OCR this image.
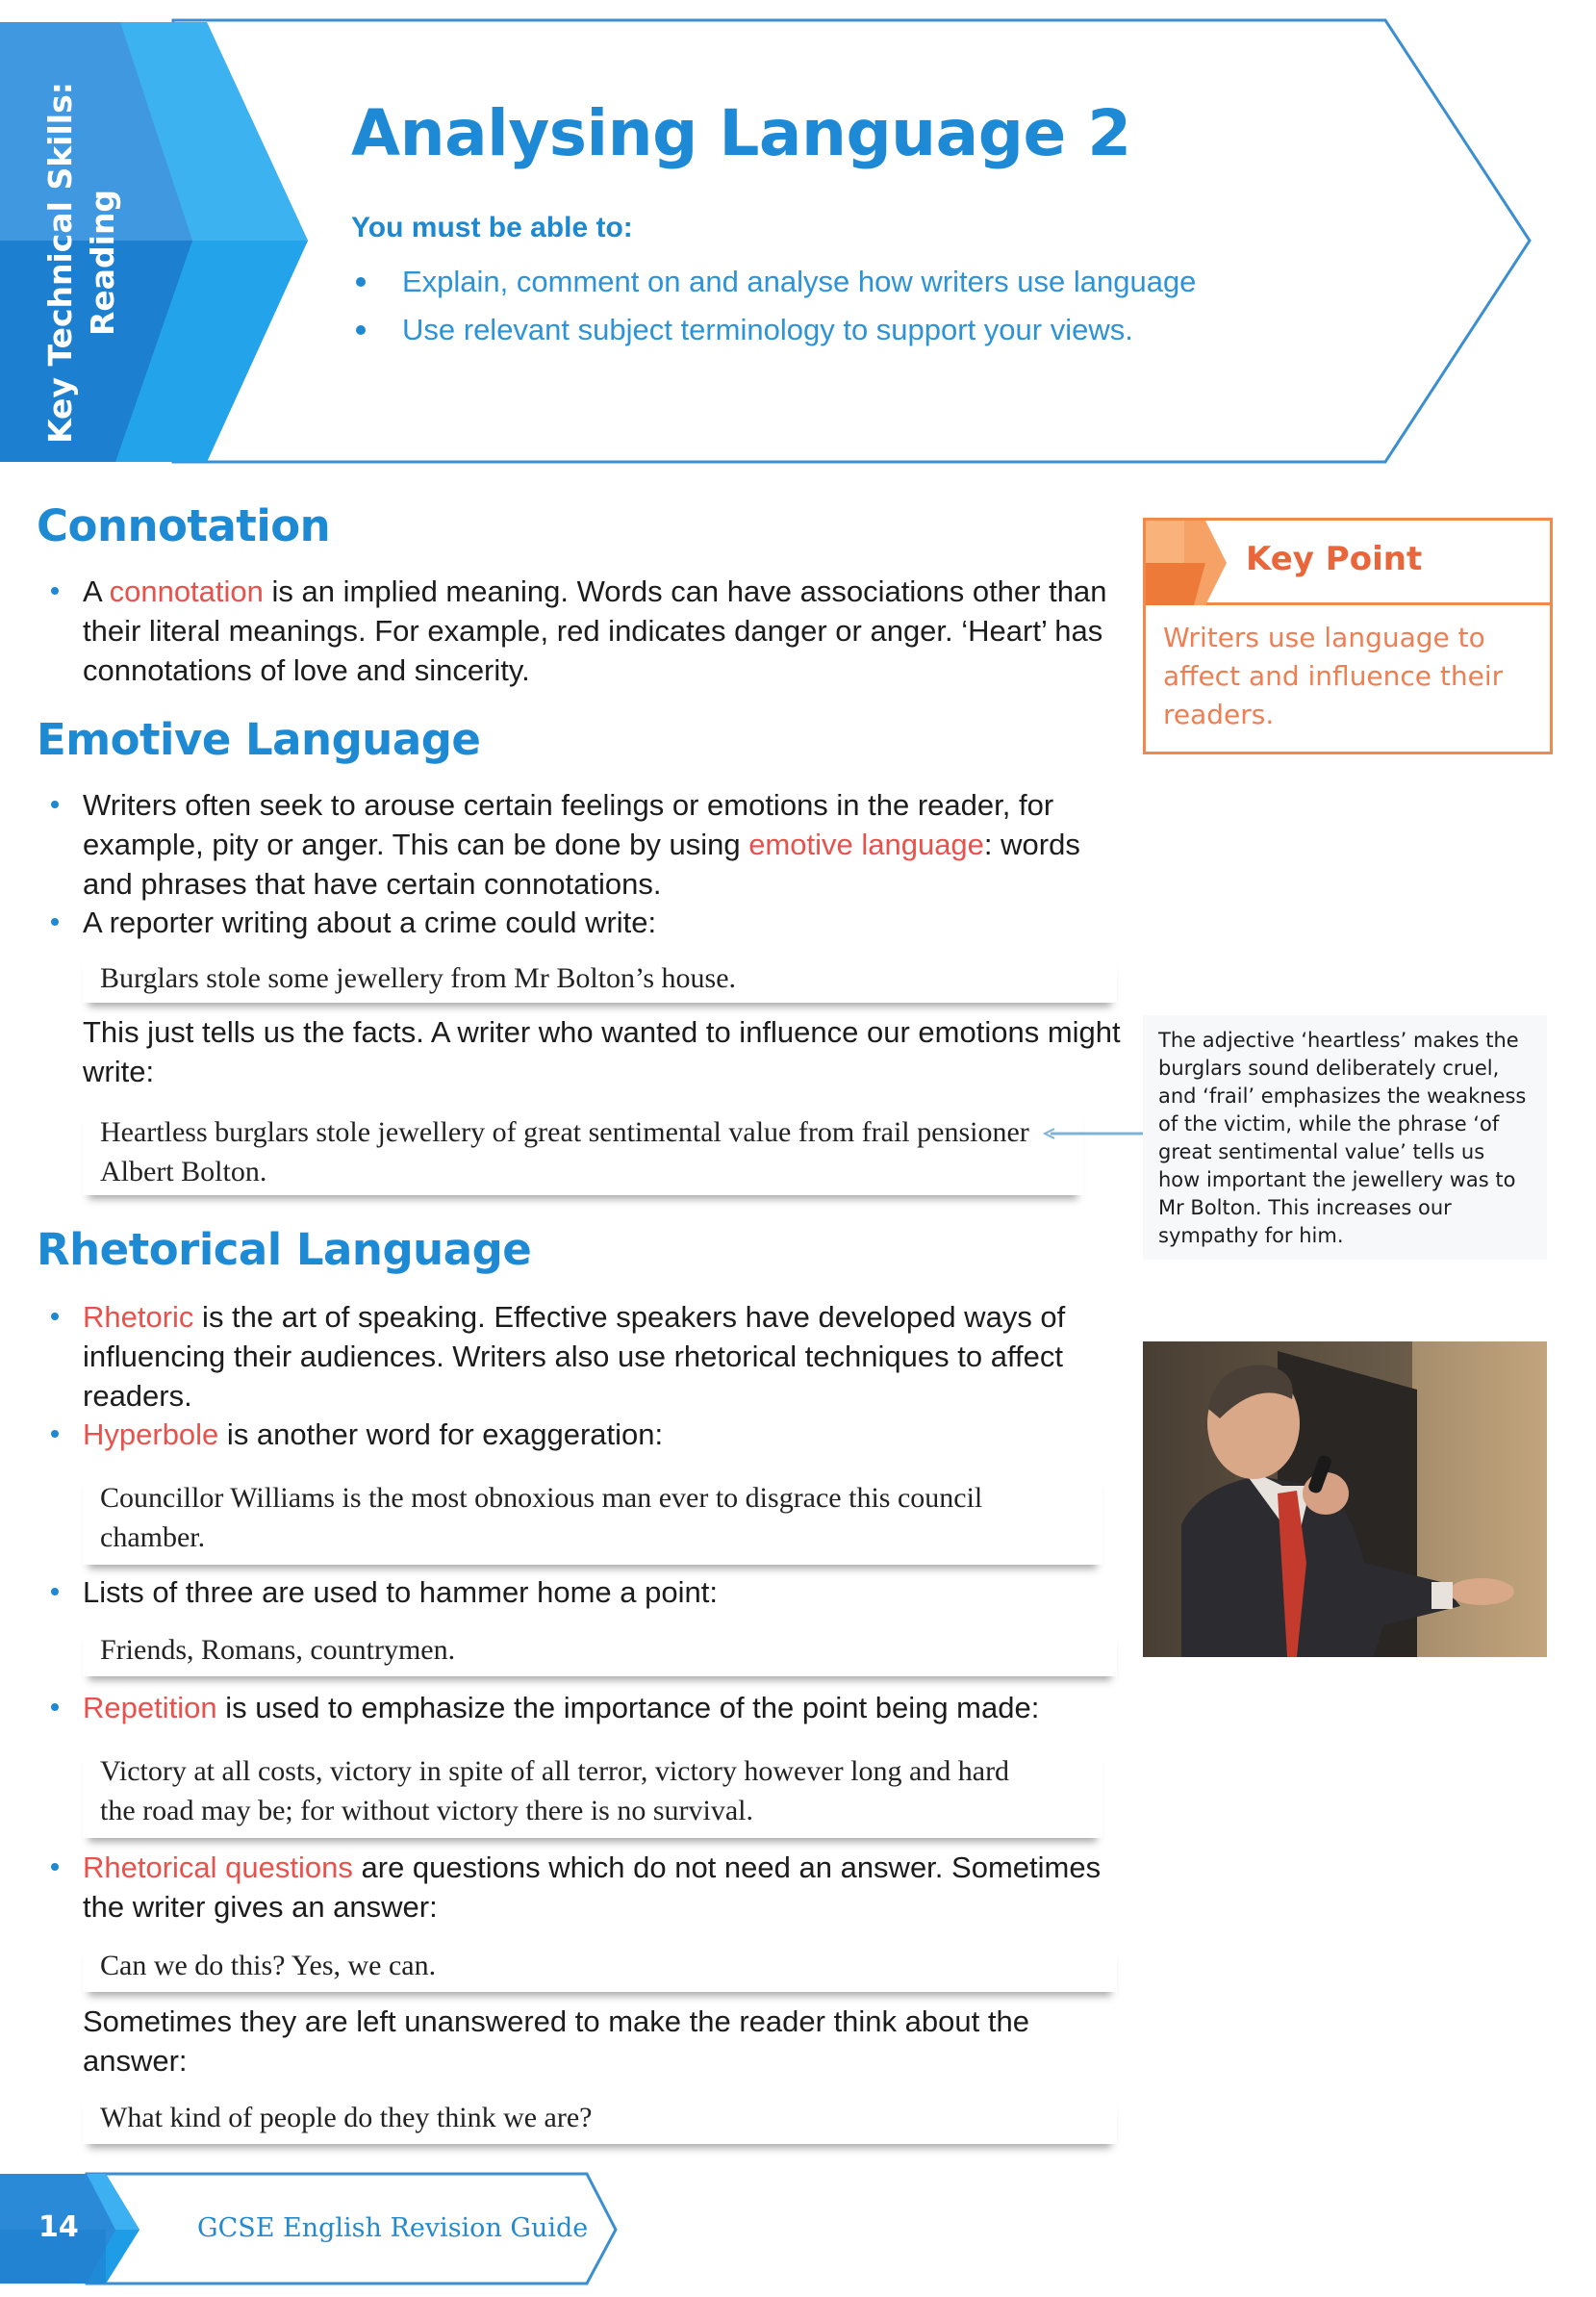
Key Technical Skills: Reading
Analysing Language 2
You must be able to:
Explain, comment on and analyse how writers use language
Use relevant subject terminology to support your views.
Connotation
A connotation is an implied meaning. Words can have associations other than their literal meanings. For example, red indicates danger or anger. ‘Heart’ has connotations of love and sincerity.
Emotive Language
Writers often seek to arouse certain feelings or emotions in the reader, for example, pity or anger. This can be done by using emotive language: words and phrases that have certain connotations.
A reporter writing about a crime could write:
Burglars stole some jewellery from Mr Bolton’s house.
This just tells us the facts. A writer who wanted to influence our emotions might write:
Heartless burglars stole jewellery of great sentimental value from frail pensioner Albert Bolton.
Rhetorical Language
Rhetoric is the art of speaking. Effective speakers have developed ways of influencing their audiences. Writers also use rhetorical techniques to affect readers.
Hyperbole is another word for exaggeration:
Councillor Williams is the most obnoxious man ever to disgrace this council chamber.
Lists of three are used to hammer home a point:
Friends, Romans, countrymen.
Repetition is used to emphasize the importance of the point being made:
Victory at all costs, victory in spite of all terror, victory however long and hard the road may be; for without victory there is no survival.
Rhetorical questions are questions which do not need an answer. Sometimes the writer gives an answer:
Can we do this? Yes, we can.
Sometimes they are left unanswered to make the reader think about the answer:
What kind of people do they think we are?
Key Point
Writers use language to affect and influence their readers.
The adjective ‘heartless’ makes the burglars sound deliberately cruel, and ‘frail’ emphasizes the weakness of the victim, while the phrase ‘of great sentimental value’ tells us how important the jewellery was to Mr Bolton. This increases our sympathy for him.
14	GCSE English Revision Guide
